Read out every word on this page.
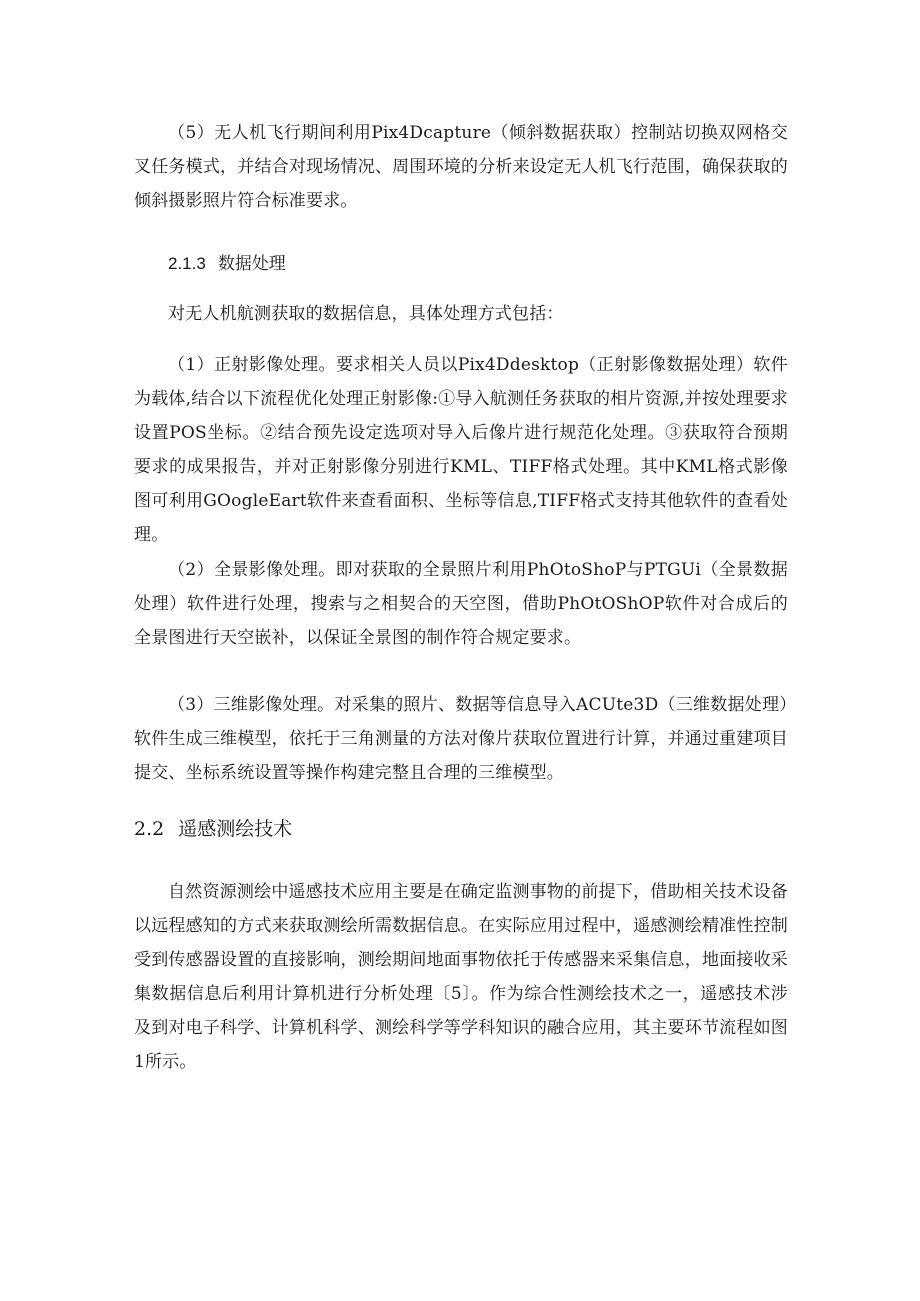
（5）无人机飞行期间利用Pix4Dcapture（倾斜数据获取）控制站切换双网格交叉任务模式，并结合对现场情况、周围环境的分析来设定无人机飞行范围，确保获取的倾斜摄影照片符合标准要求。

2.1.3 数据处理

对无人机航测获取的数据信息，具体处理方式包括：

（1）正射影像处理。要求相关人员以Pix4Ddesktop（正射影像数据处理）软件为载体,结合以下流程优化处理正射影像:①导入航测任务获取的相片资源,并按处理要求设置POS坐标。②结合预先设定选项对导入后像片进行规范化处理。③获取符合预期要求的成果报告，并对正射影像分别进行KML、TIFF格式处理。其中KML格式影像图可利用GOogleEart软件来查看面积、坐标等信息,TIFF格式支持其他软件的查看处理。

（2）全景影像处理。即对获取的全景照片利用PhOtoShoP与PTGUi（全景数据处理）软件进行处理，搜索与之相契合的天空图，借助PhOtOShOP软件对合成后的全景图进行天空嵌补，以保证全景图的制作符合规定要求。

（3）三维影像处理。对采集的照片、数据等信息导入ACUte3D（三维数据处理）软件生成三维模型，依托于三角测量的方法对像片获取位置进行计算，并通过重建项目提交、坐标系统设置等操作构建完整且合理的三维模型。

2.2 遥感测绘技术

自然资源测绘中遥感技术应用主要是在确定监测事物的前提下，借助相关技术设备以远程感知的方式来获取测绘所需数据信息。在实际应用过程中，遥感测绘精准性控制受到传感器设置的直接影响，测绘期间地面事物依托于传感器来采集信息，地面接收采集数据信息后利用计算机进行分析处理〔5〕。作为综合性测绘技术之一，遥感技术涉及到对电子科学、计算机科学、测绘科学等学科知识的融合应用，其主要环节流程如图1所示。
